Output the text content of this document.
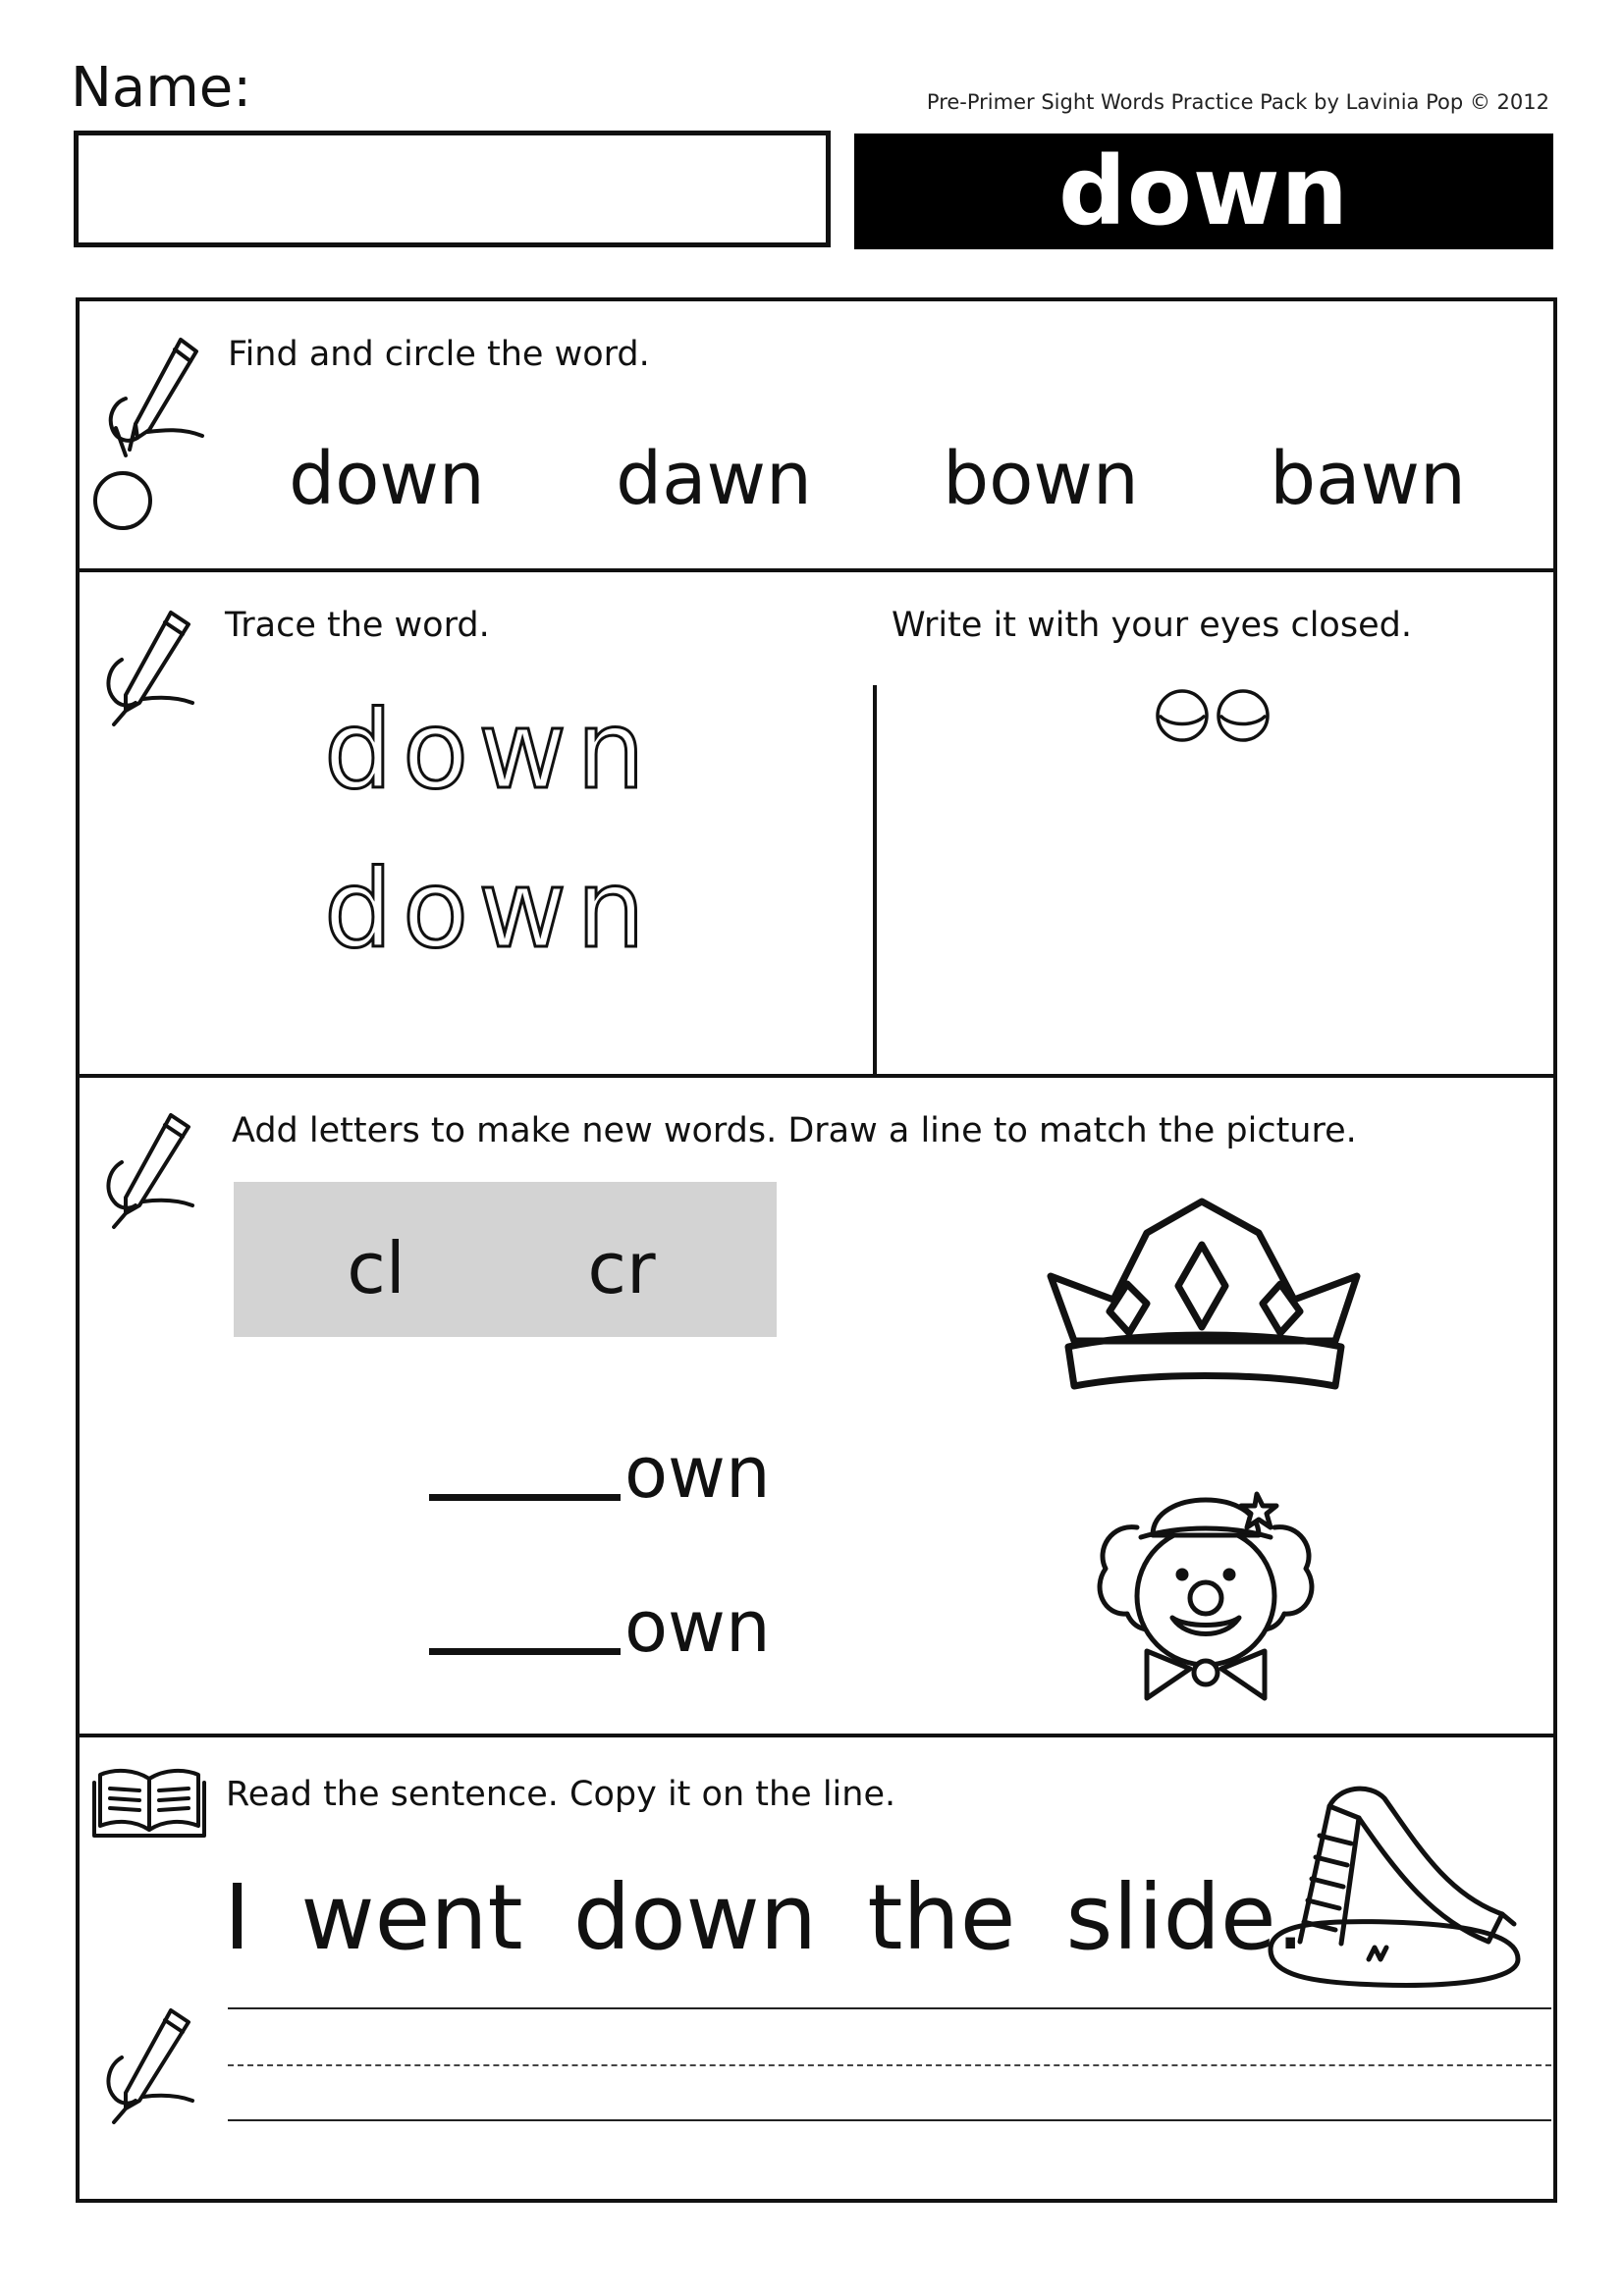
Name:	Pre-Primer Sight Words Practice Pack by Lavinia Pop © 2012
down
Find and circle the word.
down dawn bown bawn
Trace the word.
down
down
Write it with your eyes closed.
Add letters to make new words. Draw a line to match the picture.
cl	cr
own
own
Read the sentence. Copy it on the line.
I went down the slide.
